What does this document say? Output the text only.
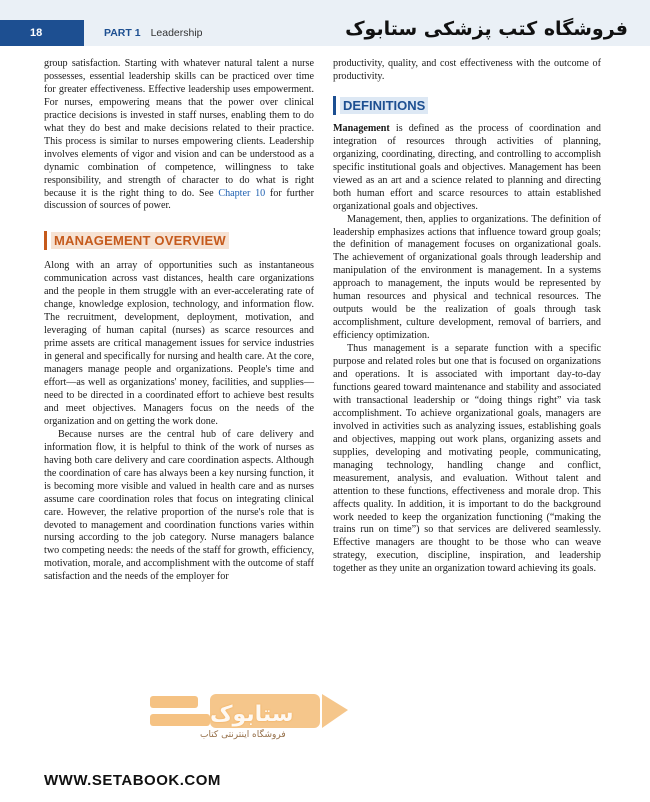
18	PART 1 Leadership	فروشگاه کتب پزشکی ستابوک

group satisfaction. Starting with whatever natural talent a nurse possesses, essential leadership skills can be practiced over time for greater effectiveness. Effective leadership uses empowerment. For nurses, empowering means that the power over clinical practice decisions is invested in staff nurses, enabling them to do what they do best and make decisions related to their practice. This process is similar to nurses empowering clients. Leadership involves elements of vigor and vision and can be understood as a dynamic combination of competence, willingness to take responsibility, and strength of character to do what is right because it is the right thing to do. See Chapter 10 for further discussion of sources of power.

MANAGEMENT OVERVIEW

Along with an array of opportunities such as instantaneous communication across vast distances, health care organizations and the people in them struggle with an ever-accelerating rate of change, knowledge explosion, technology, and information flow. The recruitment, development, deployment, motivation, and leveraging of human capital (nurses) as scarce resources and prime assets are critical management issues for service industries in general and specifically for nursing and health care. At the core, managers manage people and organizations. People's time and effort—as well as organizations' money, facilities, and supplies—need to be directed in a coordinated effort to achieve best results and meet objectives. Managers focus on the needs of the organization and on getting the work done.

Because nurses are the central hub of care delivery and information flow, it is helpful to think of the work of nurses as having both care delivery and care coordination aspects. Although the coordination of care has always been a key nursing function, it is becoming more visible and valued in health care and as nurses assume care coordination roles that focus on integrating clinical care. However, the relative proportion of the nurse's role that is devoted to management and coordination functions varies within nursing according to the job category. Nurse managers balance two competing needs: the needs of the staff for growth, efficiency, motivation, morale, and accomplishment with the outcome of staff satisfaction and the needs of the employer for

productivity, quality, and cost effectiveness with the outcome of productivity.

DEFINITIONS

Management is defined as the process of coordination and integration of resources through activities of planning, organizing, coordinating, directing, and controlling to accomplish specific institutional goals and objectives. Management has been viewed as an art and a science related to planning and directing both human effort and scarce resources to attain established organizational goals and objectives.

Management, then, applies to organizations. The definition of leadership emphasizes actions that influence toward group goals; the definition of management focuses on organizational goals. The achievement of organizational goals through leadership and manipulation of the environment is management. In a systems approach to management, the inputs would be represented by human resources and physical and technical resources. The outputs would be the realization of goals through task accomplishment, culture development, removal of barriers, and efficiency optimization.

Thus management is a separate function with a specific purpose and related roles but one that is focused on organizations and operations. It is associated with important day-to-day functions geared toward maintenance and stability and associated with transactional leadership or “doing things right” via task accomplishment. To achieve organizational goals, managers are involved in activities such as analyzing issues, establishing goals and objectives, mapping out work plans, organizing assets and supplies, developing and motivating people, communicating, managing technology, handling change and conflict, measurement, analysis, and evaluation. Without talent and attention to these functions, effectiveness and morale drop. This affects quality. In addition, it is important to do the background work needed to keep the organization functioning (“making the trains run on time”) so that services are delivered seamlessly. Effective managers are thought to be those who can weave strategy, execution, discipline, inspiration, and leadership together as they unite an organization toward achieving its goals.

ستابوک
فروشگاه اینترنتی کتاب
WWW.SETABOOK.COM
